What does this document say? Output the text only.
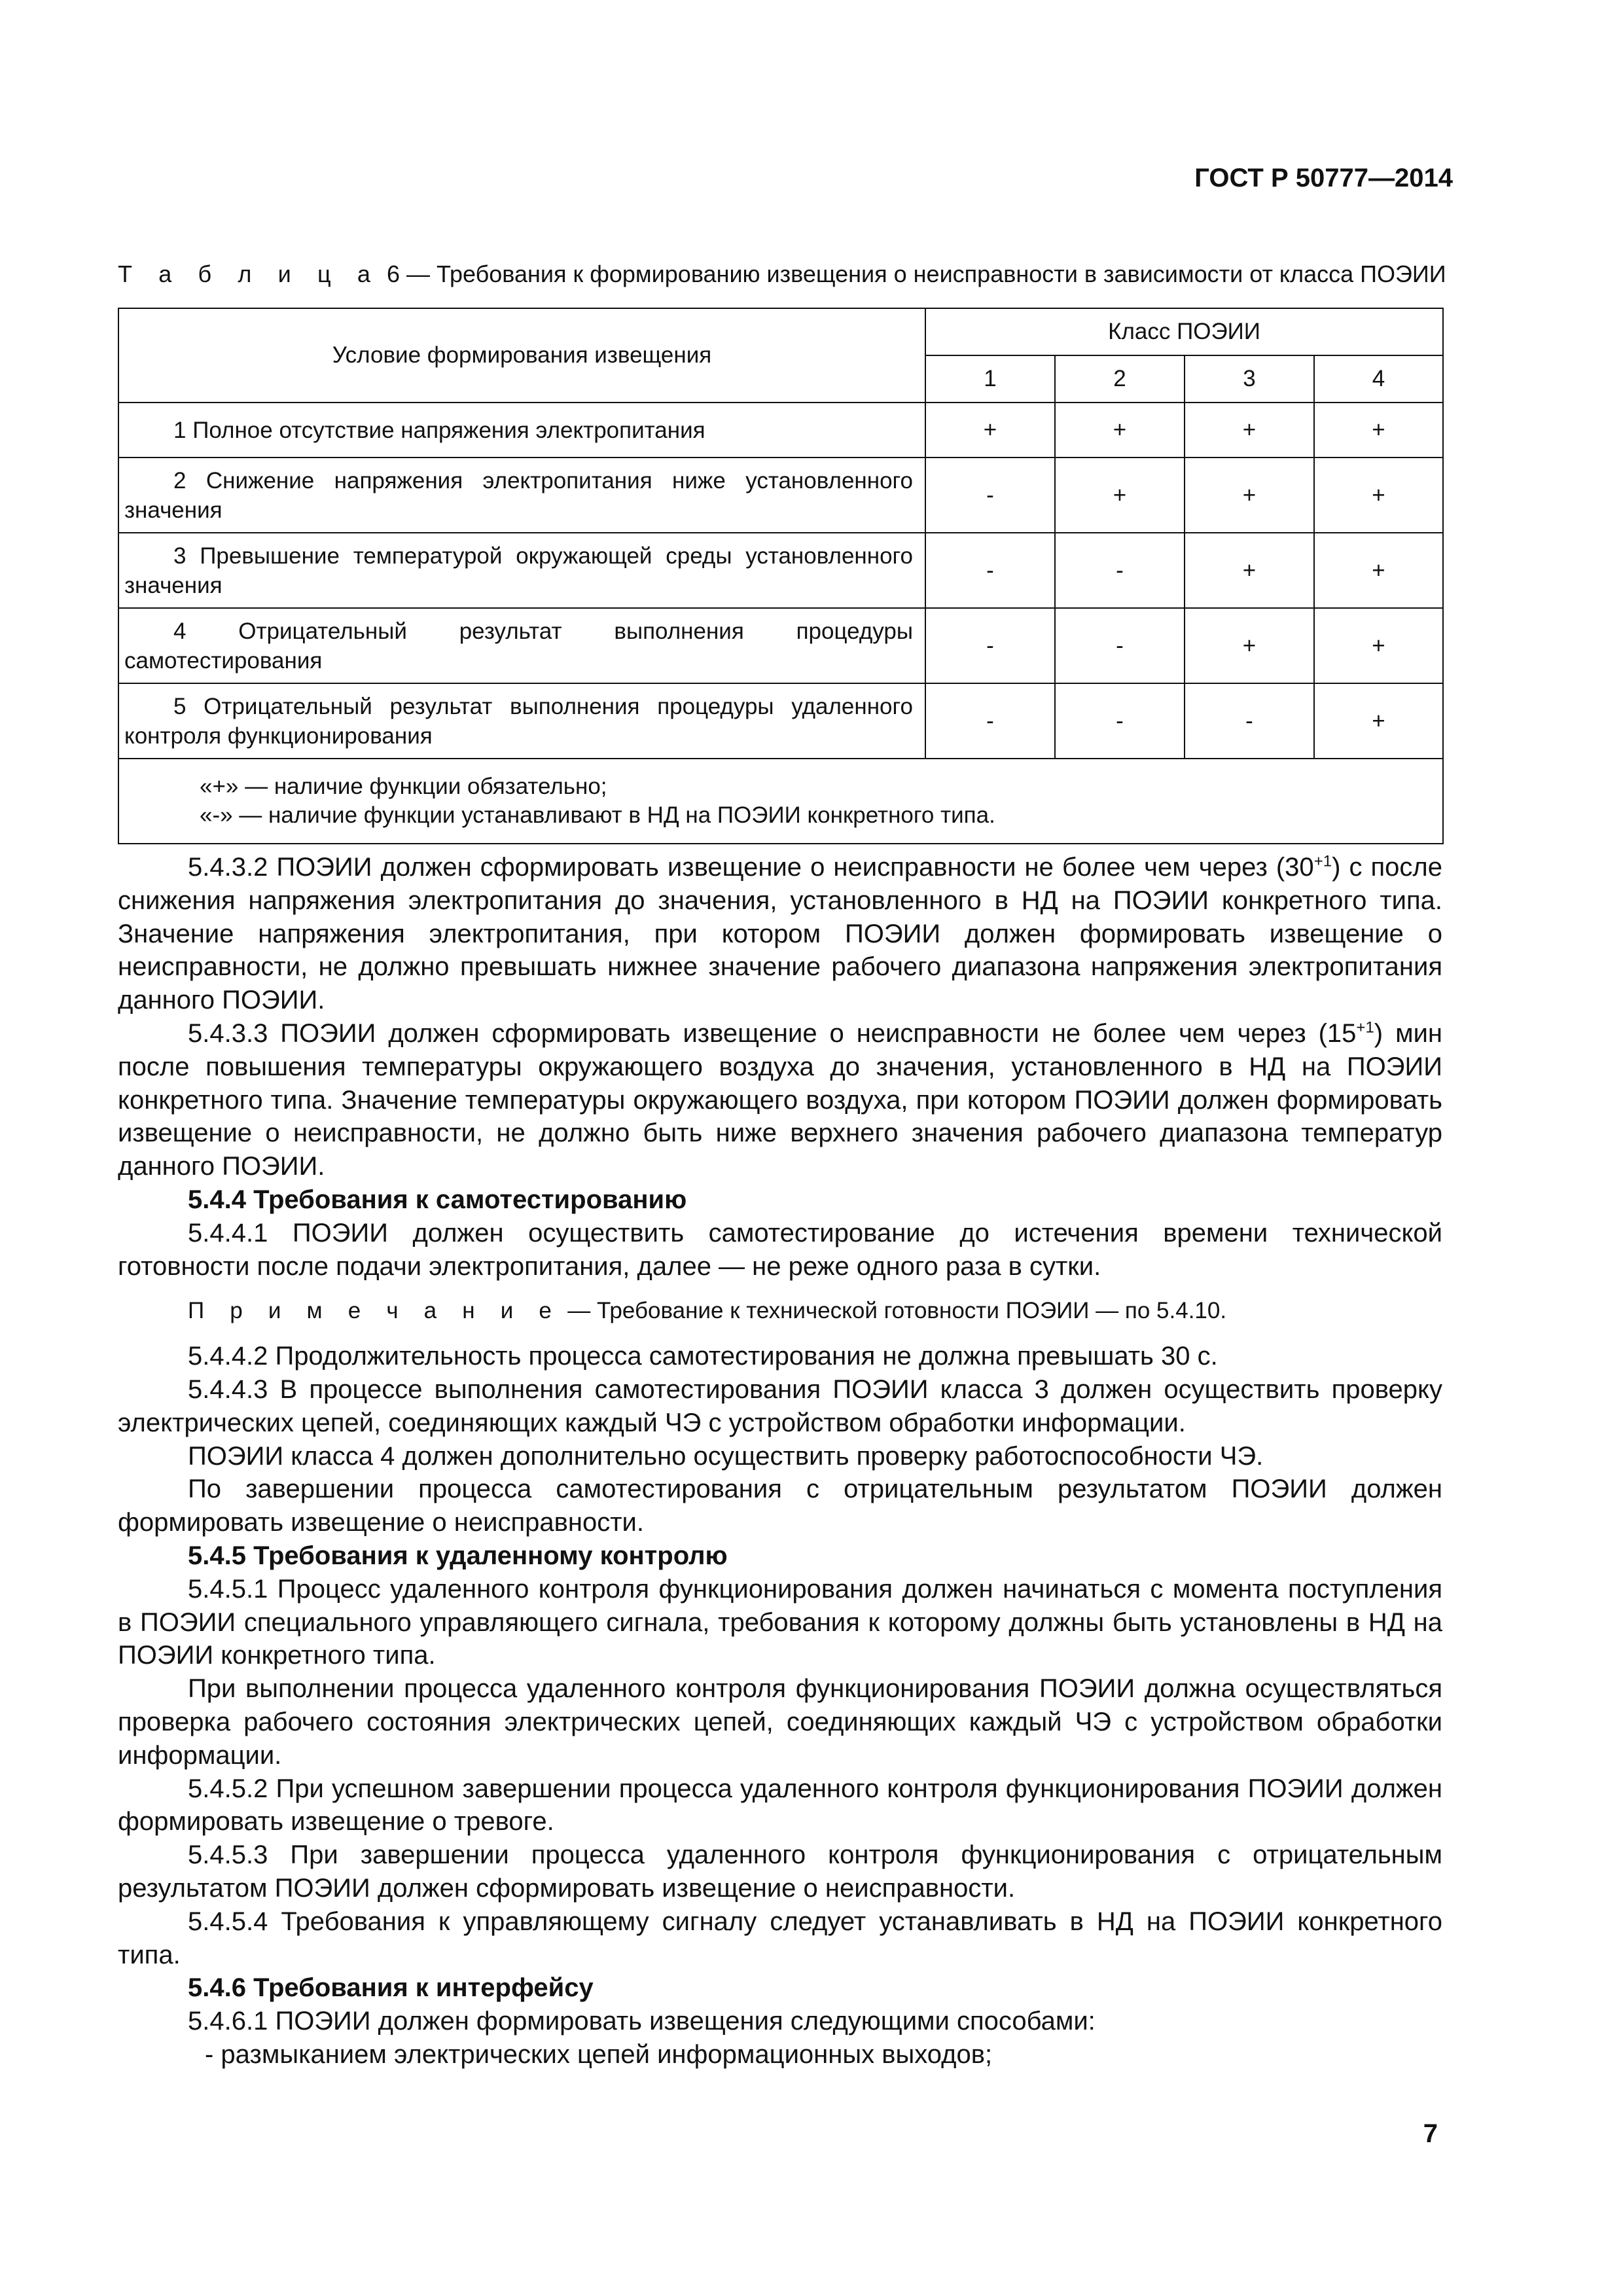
ГОСТ Р 50777—2014
Т а б л и ц а 6 — Требования к формированию извещения о неисправности в зависимости от класса ПОЭИИ
Условие формирования извещения	Класс ПОЭИИ			
	1	2	3	4
1 Полное отсутствие напряжения электропитания	+	+	+	+
2 Снижение напряжения электропитания ниже установленного значения	-	+	+	+
3 Превышение температурой окружающей среды установленного значения	-	-	+	+
4 Отрицательный результат выполнения процедуры самотестирования	-	-	+	+
5 Отрицательный результат выполнения процедуры удаленного контроля функционирования	-	-	-	+

«+» — наличие функции обязательно;
«-» — наличие функции устанавливают в НД на ПОЭИИ конкретного типа.				

5.4.3.2 ПОЭИИ должен сформировать извещение о неисправности не более чем через $(30^{+1})$ с после снижения напряжения электропитания до значения, установленного в НД на ПОЭИИ конкретного типа. Значение напряжения электропитания, при котором ПОЭИИ должен формировать извещение о неисправности, не должно превышать нижнее значение рабочего диапазона напряжения электропитания данного ПОЭИИ.

5.4.3.3 ПОЭИИ должен сформировать извещение о неисправности не более чем через $(15^{+1})$ мин после повышения температуры окружающего воздуха до значения, установленного в НД на ПОЭИИ конкретного типа. Значение температуры окружающего воздуха, при котором ПОЭИИ должен формировать извещение о неисправности, не должно быть ниже верхнего значения рабочего диапазона температур данного ПОЭИИ.

5.4.4 Требования к самотестированию

5.4.4.1 ПОЭИИ должен осуществить самотестирование до истечения времени технической готовности после подачи электропитания, далее — не реже одного раза в сутки.

П р и м е ч а н и е — Требование к технической готовности ПОЭИИ — по 5.4.10.

5.4.4.2 Продолжительность процесса самотестирования не должна превышать 30 с.

5.4.4.3 В процессе выполнения самотестирования ПОЭИИ класса 3 должен осуществить проверку электрических цепей, соединяющих каждый ЧЭ с устройством обработки информации.

ПОЭИИ класса 4 должен дополнительно осуществить проверку работоспособности ЧЭ.

По завершении процесса самотестирования с отрицательным результатом ПОЭИИ должен формировать извещение о неисправности.

5.4.5 Требования к удаленному контролю

5.4.5.1 Процесс удаленного контроля функционирования должен начинаться с момента поступления в ПОЭИИ специального управляющего сигнала, требования к которому должны быть установлены в НД на ПОЭИИ конкретного типа.

При выполнении процесса удаленного контроля функционирования ПОЭИИ должна осуществляться проверка рабочего состояния электрических цепей, соединяющих каждый ЧЭ с устройством обработки информации.

5.4.5.2 При успешном завершении процесса удаленного контроля функционирования ПОЭИИ должен формировать извещение о тревоге.

5.4.5.3 При завершении процесса удаленного контроля функционирования с отрицательным результатом ПОЭИИ должен сформировать извещение о неисправности.

5.4.5.4 Требования к управляющему сигналу следует устанавливать в НД на ПОЭИИ конкретного типа.

5.4.6 Требования к интерфейсу

5.4.6.1 ПОЭИИ должен формировать извещения следующими способами:

- размыканием электрических цепей информационных выходов;

7
